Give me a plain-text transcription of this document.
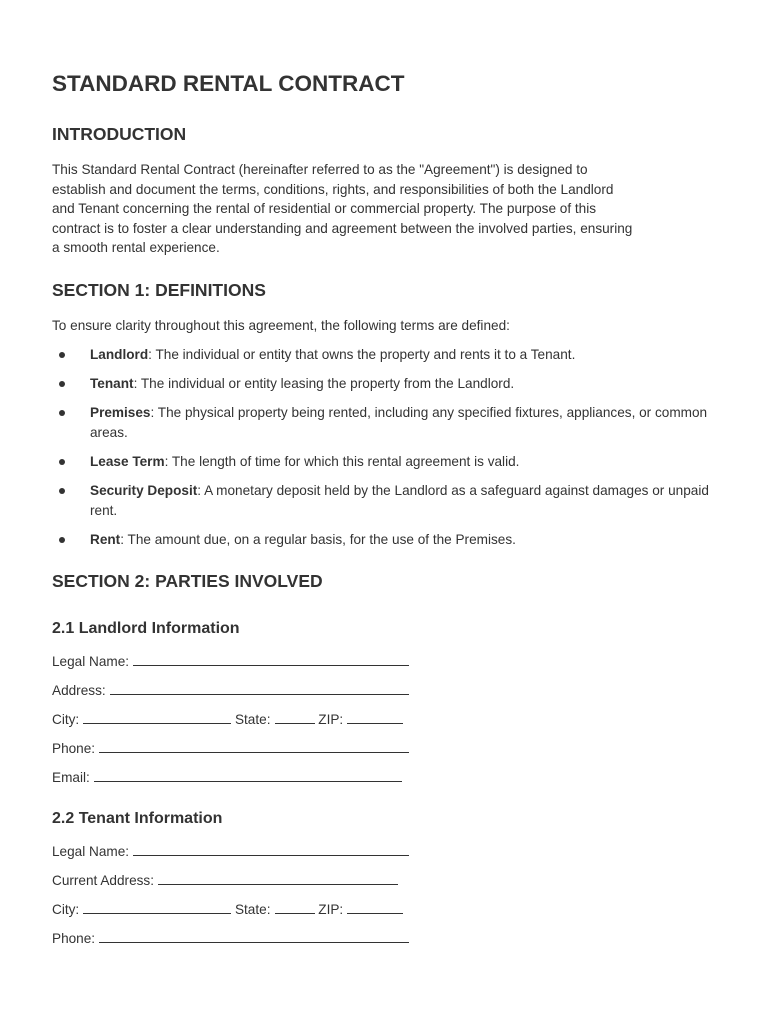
STANDARD RENTAL CONTRACT
INTRODUCTION
This Standard Rental Contract (hereinafter referred to as the "Agreement") is designed to
establish and document the terms, conditions, rights, and responsibilities of both the Landlord
and Tenant concerning the rental of residential or commercial property. The purpose of this
contract is to foster a clear understanding and agreement between the involved parties, ensuring
a smooth rental experience.
SECTION 1: DEFINITIONS
To ensure clarity throughout this agreement, the following terms are defined:
Landlord: The individual or entity that owns the property and rents it to a Tenant.
Tenant: The individual or entity leasing the property from the Landlord.
Premises: The physical property being rented, including any specified fixtures, appliances, or common areas.
Lease Term: The length of time for which this rental agreement is valid.
Security Deposit: A monetary deposit held by the Landlord as a safeguard against damages or unpaid rent.
Rent: The amount due, on a regular basis, for the use of the Premises.
SECTION 2: PARTIES INVOLVED
2.1 Landlord Information
Legal Name:
Address:
City:	State:	ZIP:
Phone:
Email:
2.2 Tenant Information
Legal Name:
Current Address:
City:	State:	ZIP:
Phone:
